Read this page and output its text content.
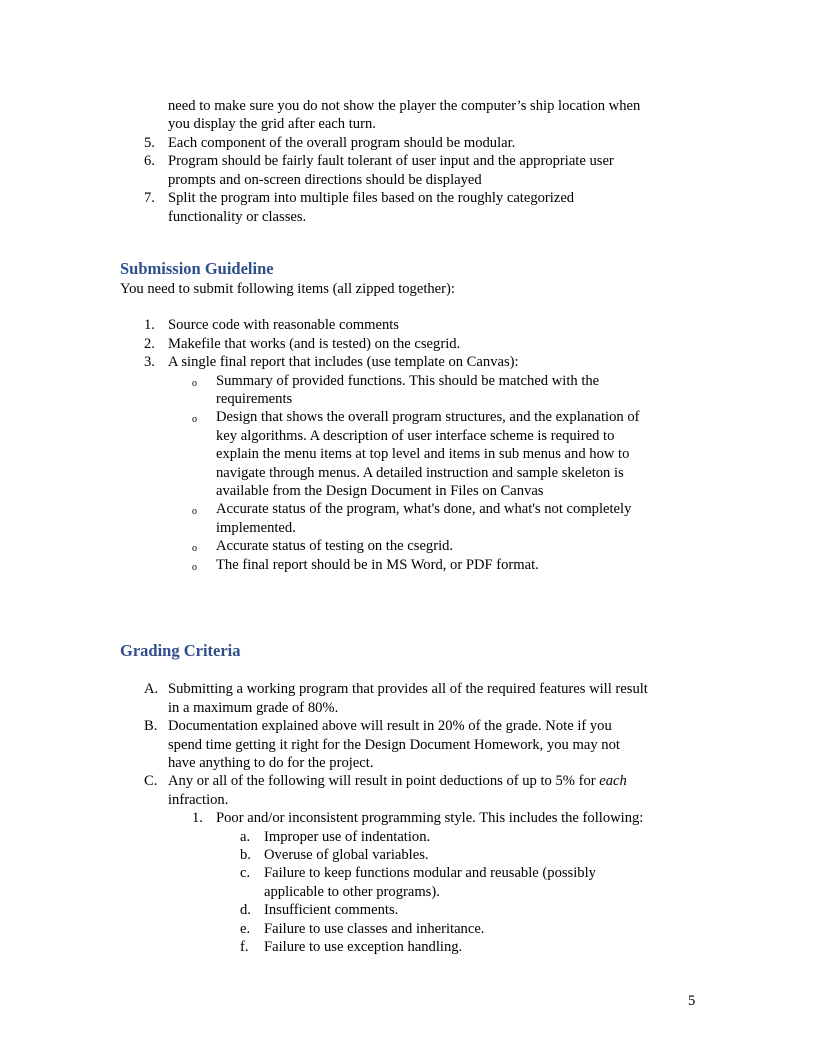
need to make sure you do not show the player the computer’s ship location when
you display the grid after each turn.
5. Each component of the overall program should be modular.
6. Program should be fairly fault tolerant of user input and the appropriate user
prompts and on-screen directions should be displayed
7. Split the program into multiple files based on the roughly categorized
functionality or classes.
Submission Guideline
You need to submit following items (all zipped together):
1. Source code with reasonable comments
2. Makefile that works (and is tested) on the csegrid.
3. A single final report that includes (use template on Canvas):
o Summary of provided functions. This should be matched with the
requirements
o Design that shows the overall program structures, and the explanation of
key algorithms. A description of user interface scheme is required to
explain the menu items at top level and items in sub menus and how to
navigate through menus. A detailed instruction and sample skeleton is
available from the Design Document in Files on Canvas
o Accurate status of the program, what's done, and what's not completely
implemented.
o Accurate status of testing on the csegrid.
o The final report should be in MS Word, or PDF format.
Grading Criteria
A. Submitting a working program that provides all of the required features will result
in a maximum grade of 80%.
B. Documentation explained above will result in 20% of the grade. Note if you
spend time getting it right for the Design Document Homework, you may not
have anything to do for the project.
C. Any or all of the following will result in point deductions of up to 5% for each
infraction.
1. Poor and/or inconsistent programming style. This includes the following:
a. Improper use of indentation.
b. Overuse of global variables.
c. Failure to keep functions modular and reusable (possibly
applicable to other programs).
d. Insufficient comments.
e. Failure to use classes and inheritance.
f. Failure to use exception handling.
5
